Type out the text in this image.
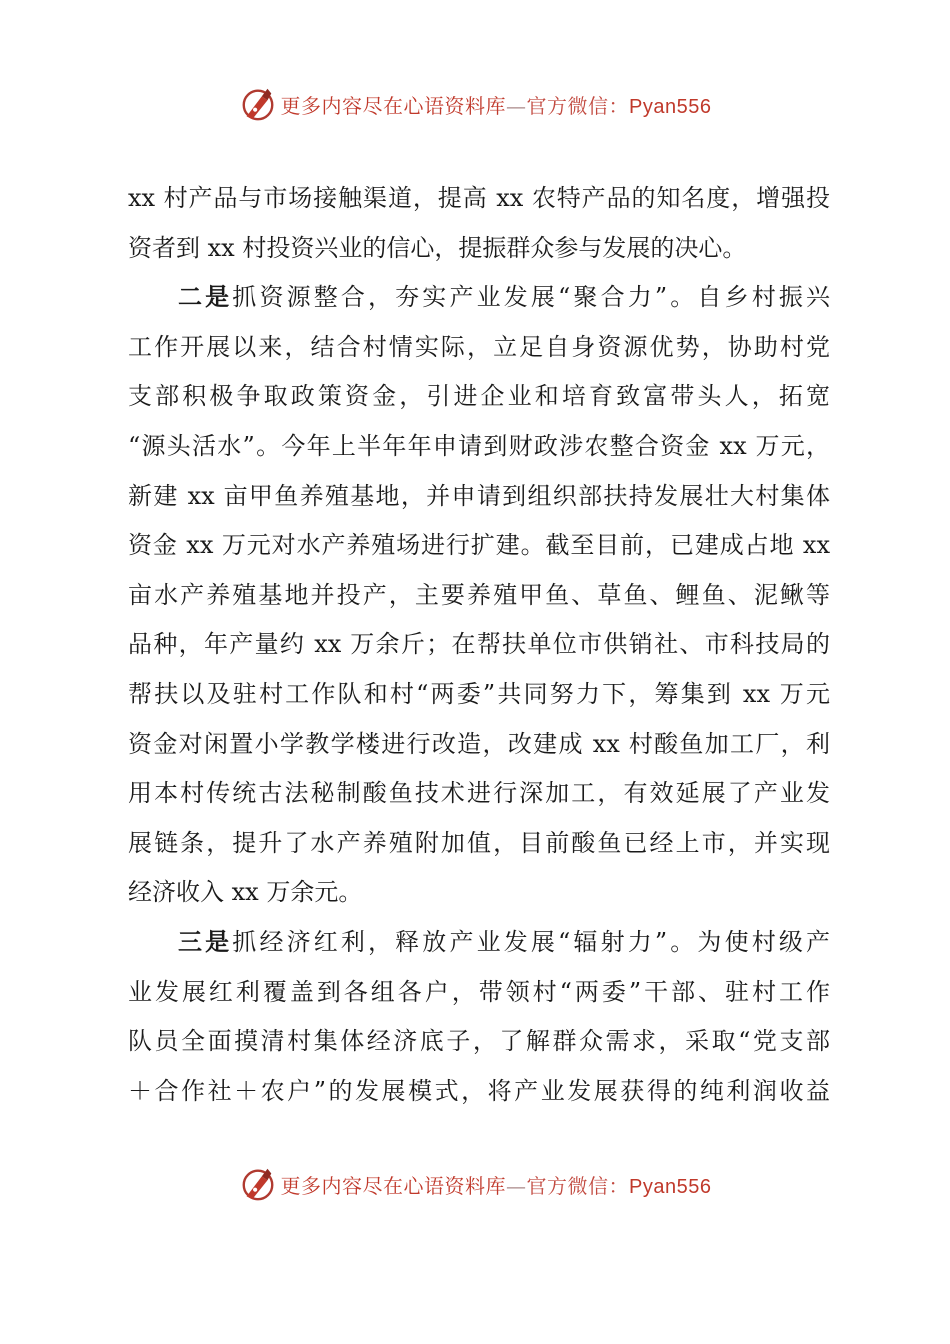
更多内容尽在心语资料库—官方微信：Pyan556
xx 村产品与市场接触渠道，提高 xx 农特产品的知名度，增强投
资者到 xx 村投资兴业的信心，提振群众参与发展的决心。
二是抓资源整合，夯实产业发展“聚合力”。自乡村振兴
工作开展以来，结合村情实际，立足自身资源优势，协助村党
支部积极争取政策资金，引进企业和培育致富带头人，拓宽
“源头活水”。今年上半年年申请到财政涉农整合资金 xx 万元，
新建 xx 亩甲鱼养殖基地，并申请到组织部扶持发展壮大村集体
资金 xx 万元对水产养殖场进行扩建。截至目前，已建成占地 xx
亩水产养殖基地并投产，主要养殖甲鱼、草鱼、鲤鱼、泥鳅等
品种，年产量约 xx 万余斤；在帮扶单位市供销社、市科技局的
帮扶以及驻村工作队和村“两委”共同努力下，筹集到 xx 万元
资金对闲置小学教学楼进行改造，改建成 xx 村酸鱼加工厂，利
用本村传统古法秘制酸鱼技术进行深加工，有效延展了产业发
展链条，提升了水产养殖附加值，目前酸鱼已经上市，并实现
经济收入 xx 万余元。
三是抓经济红利，释放产业发展“辐射力”。为使村级产
业发展红利覆盖到各组各户，带领村“两委”干部、驻村工作
队员全面摸清村集体经济底子，了解群众需求，采取“党支部
＋合作社＋农户”的发展模式，将产业发展获得的纯利润收益
更多内容尽在心语资料库—官方微信：Pyan556
